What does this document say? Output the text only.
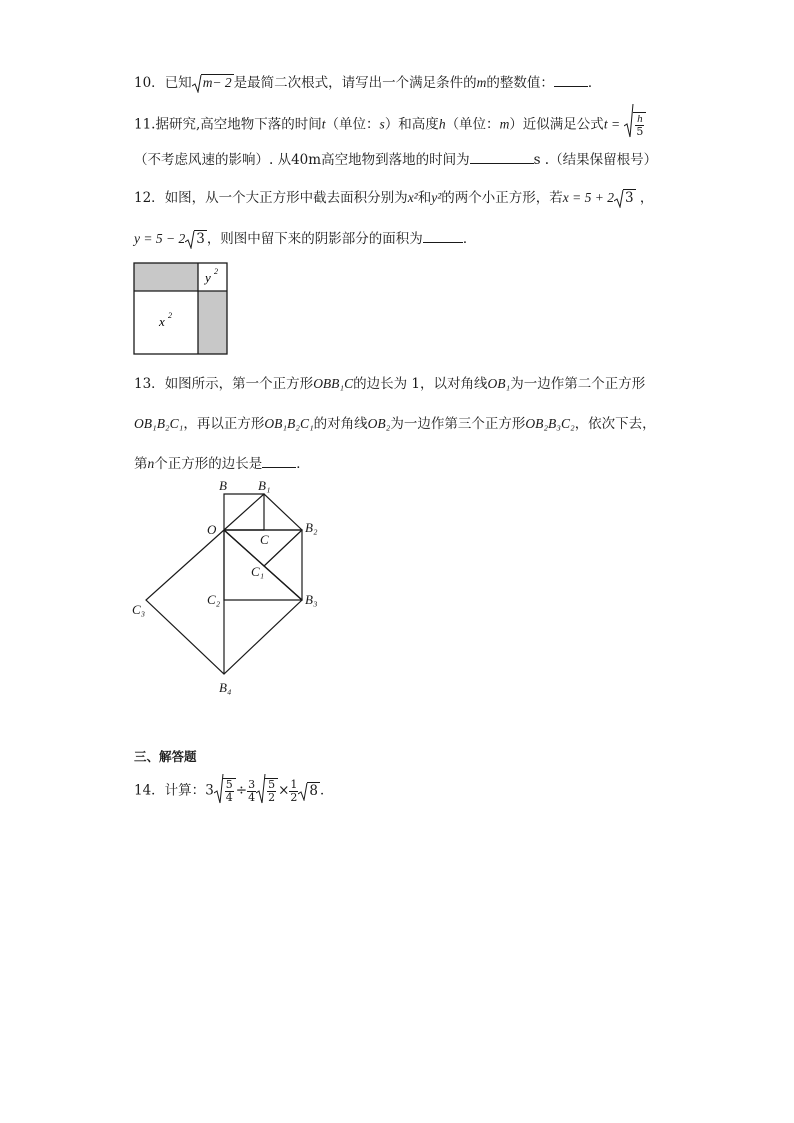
10．已知 m− 2 是最简二次根式，请写出一个满足条件的m的整数值：	．
11.据研究,高空地物下落的时间t（单位：s）和高度h（单位：m）近似满足公式$t = \frac{h}{5}$
（不考虑风速的影响）. 从40m高空地物到落地的时间为	s .（结果保留根号）
12．如图，从一个大正方形中截去面积分别为x²和y²的两个小正方形，若x = 5 + 2 3 ，
y = 5 − 2 3 ，则图中留下来的阴影部分的面积为	．
y 2
x 2
13．如图所示，第一个正方形OBB₁C的边长为 1，以对角线OB₁为一边作第二个正方形
OB₁B₂C₁，再以正方形OB₁B₂C₁的对角线OB₂为一边作第三个正方形OB₂B₃C₂，依次下去，
第n个正方形的边长是	．
B B₁
O	B₂
C
C₁
C₂	B₃
C₃
B₄
三、解答题
14．计算：$3 \frac{5}{4} \div \frac{3}{4} \frac{5}{2} \times \frac{1}{2} 8$ ．
